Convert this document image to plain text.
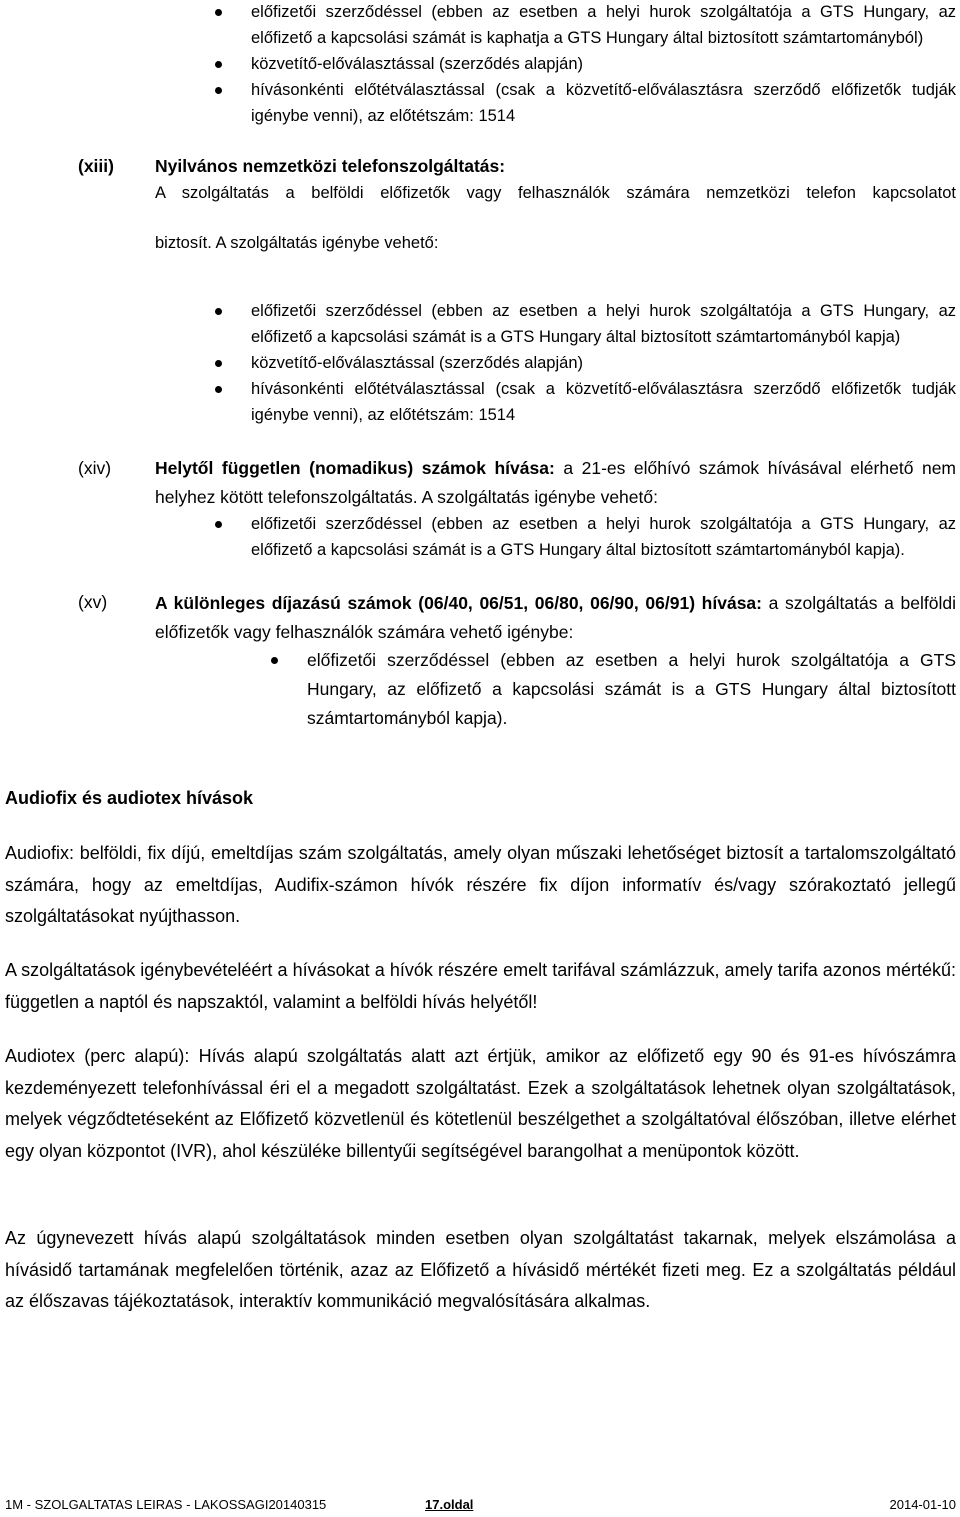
előfizetői szerződéssel (ebben az esetben a helyi hurok szolgáltatója a GTS Hungary, az előfizető a kapcsolási számát is kaphatja a GTS Hungary által biztosított számtartományból)
közvetítő-előválasztással (szerződés alapján)
hívásonkénti előtétválasztással (csak a közvetítő-előválasztásra szerződő előfizetők tudják igénybe venni), az előtétszám: 1514
(xiii) Nyilvános nemzetközi telefonszolgáltatás:
A szolgáltatás a belföldi előfizetők vagy felhasználók számára nemzetközi telefon kapcsolatot
biztosít. A szolgáltatás igénybe vehető:
előfizetői szerződéssel (ebben az esetben a helyi hurok szolgáltatója a GTS Hungary, az előfizető a kapcsolási számát is a GTS Hungary által biztosított számtartományból kapja)
közvetítő-előválasztással (szerződés alapján)
hívásonkénti előtétválasztással (csak a közvetítő-előválasztásra szerződő előfizetők tudják igénybe venni), az előtétszám: 1514
(xiv)	Helytől független (nomadikus) számok hívása: a 21-es előhívó számok hívásával elérhető nem helyhez kötött telefonszolgáltatás. A szolgáltatás igénybe vehető:
előfizetői szerződéssel (ebben az esetben a helyi hurok szolgáltatója a GTS Hungary, az előfizető a kapcsolási számát is a GTS Hungary által biztosított számtartományból kapja).
(xv)	A különleges díjazású számok (06/40, 06/51, 06/80, 06/90, 06/91) hívása: a szolgáltatás a belföldi előfizetők vagy felhasználók számára vehető igénybe:
előfizetői szerződéssel (ebben az esetben a helyi hurok szolgáltatója a GTS Hungary, az előfizető a kapcsolási számát is a GTS Hungary által biztosított számtartományból kapja).
Audiofix és audiotex hívások
Audiofix: belföldi, fix díjú, emeltdíjas szám szolgáltatás, amely olyan műszaki lehetőséget biztosít a tartalomszolgáltató számára, hogy az emeltdíjas, Audifix-számon hívók részére fix díjon informatív és/vagy szórakoztató jellegű szolgáltatásokat nyújthasson.
A szolgáltatások igénybevételéért a hívásokat a hívók részére emelt tarifával számlázzuk, amely tarifa azonos mértékű: független a naptól és napszaktól, valamint a belföldi hívás helyétől!
Audiotex (perc alapú): Hívás alapú szolgáltatás alatt azt értjük, amikor az előfizető egy 90 és 91-es hívószámra kezdeményezett telefonhívással éri el a megadott szolgáltatást. Ezek a szolgáltatások lehetnek olyan szolgáltatások, melyek végződtetéseként az Előfizető közvetlenül és kötetlenül beszélgethet a szolgáltatóval élőszóban, illetve elérhet egy olyan központot (IVR), ahol készüléke billentyűi segítségével barangolhat a menüpontok között.
Az úgynevezett hívás alapú szolgáltatások minden esetben olyan szolgáltatást takarnak, melyek elszámolása a hívásidő tartamának megfelelően történik, azaz az Előfizető a hívásidő mértékét fizeti meg. Ez a szolgáltatás például az élőszavas tájékoztatások, interaktív kommunikáció megvalósítására alkalmas.
1M - SZOLGALTATAS LEIRAS - LAKOSSAGI20140315	17.oldal	2014-01-10
